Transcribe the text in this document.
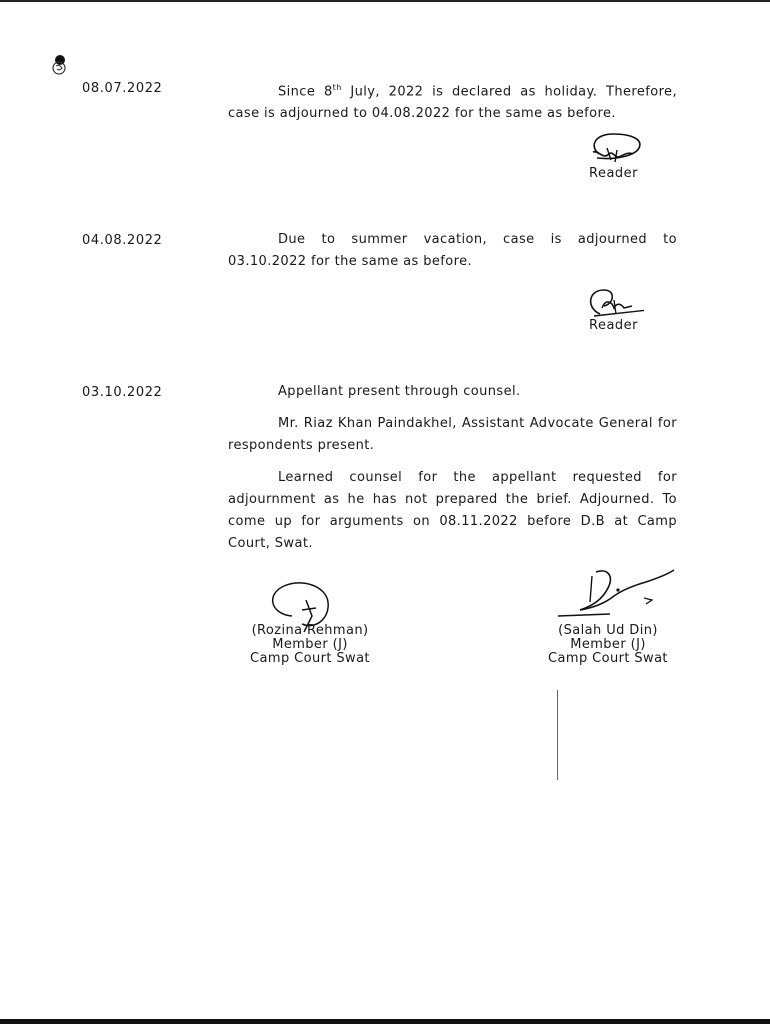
08.07.2022	Since 8th July, 2022 is declared as holiday. Therefore, case is adjourned to 04.08.2022 for the same as before.
Reader
04.08.2022	Due to summer vacation, case is adjourned to 03.10.2022 for the same as before.
Reader
03.10.2022	Appellant present through counsel.
Mr. Riaz Khan Paindakhel, Assistant Advocate General for respondents present.
Learned counsel for the appellant requested for adjournment as he has not prepared the brief. Adjourned. To come up for arguments on 08.11.2022 before D.B at Camp Court, Swat.
(Rozina Rehman)
Member (J)
Camp Court Swat
(Salah Ud Din)
Member (J)
Camp Court Swat
